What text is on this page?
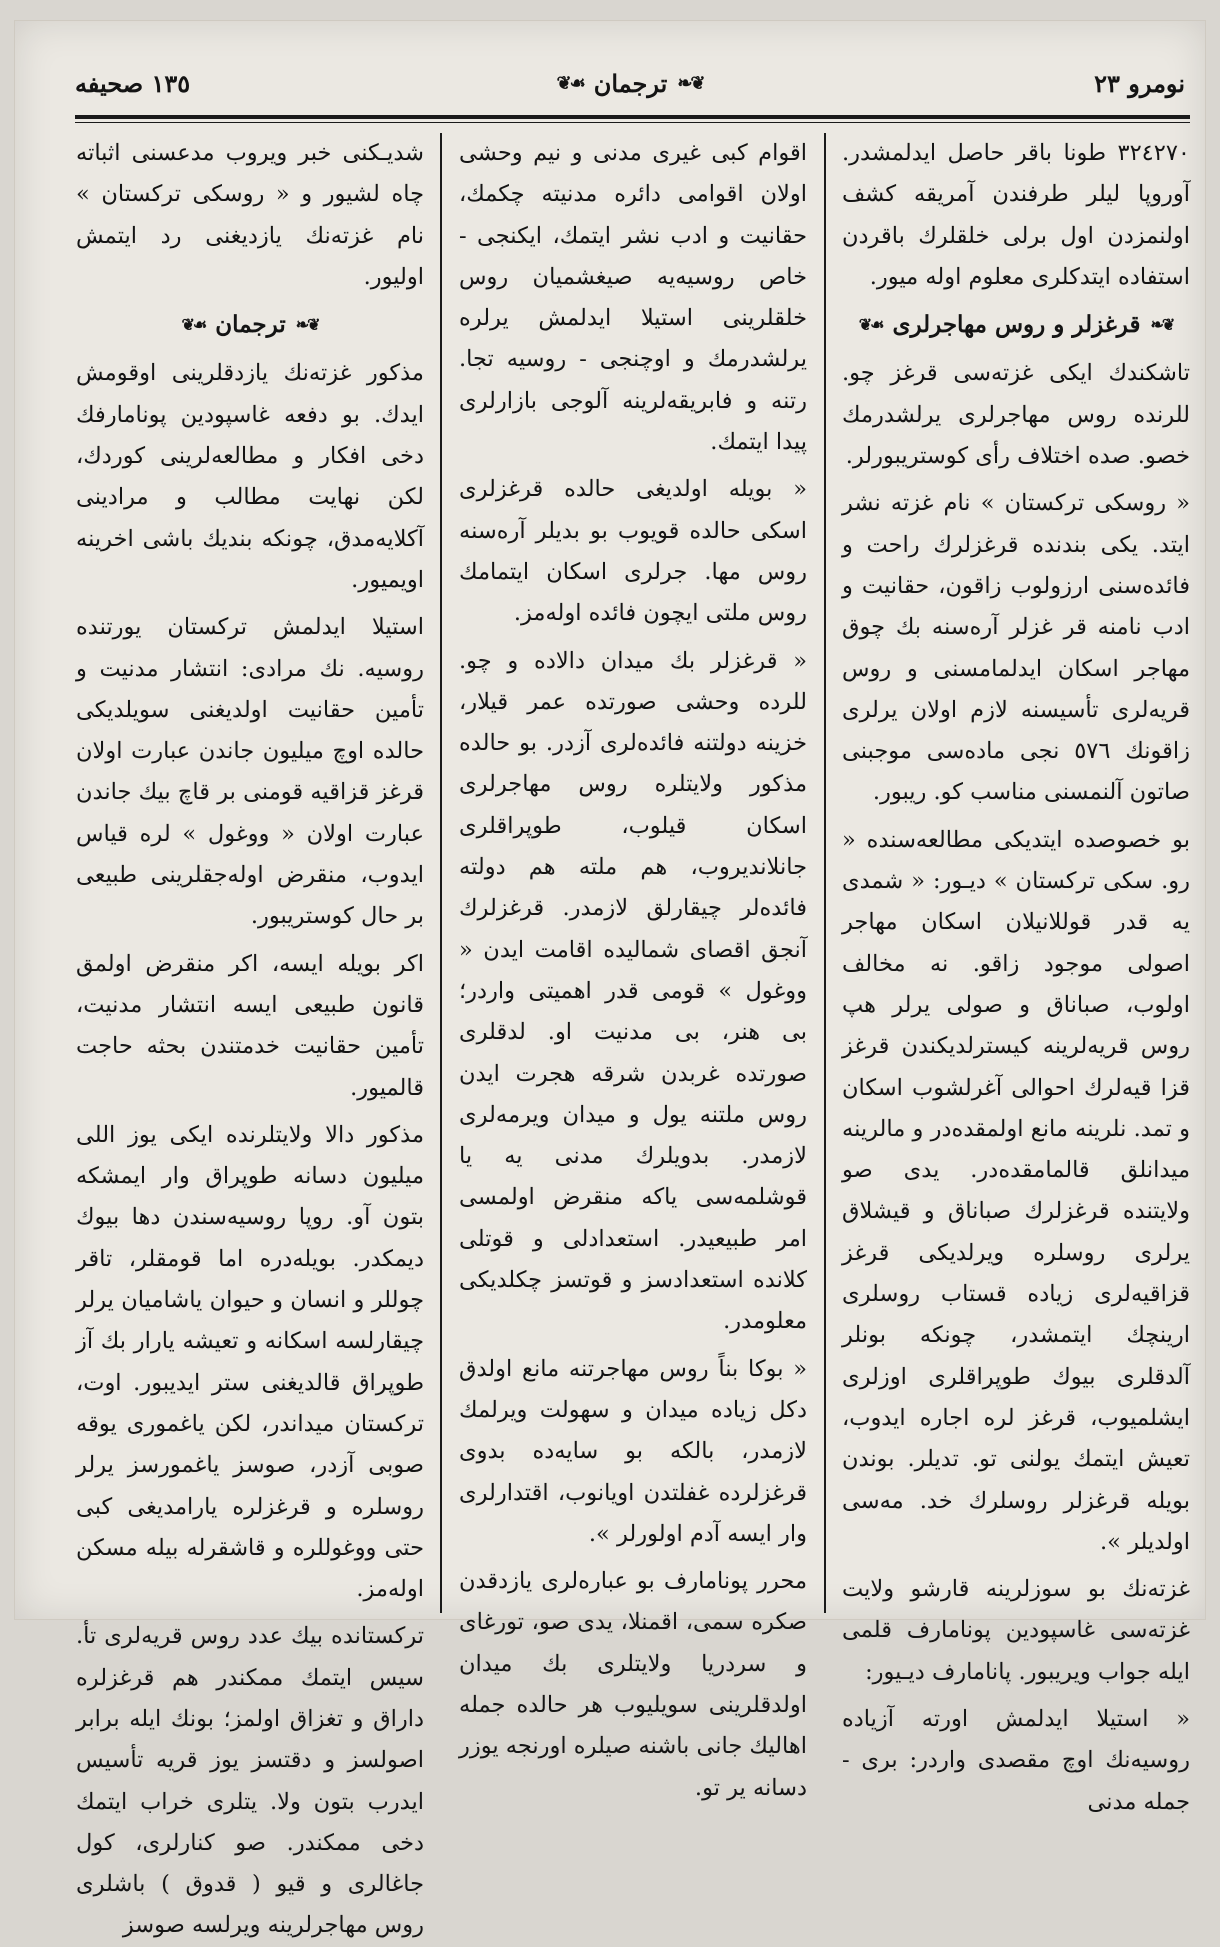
نومرو ٢٣
❦❧
ترجمان
☙❦
١٣٥ صحيفه
٣٢٤٢٧٠ طونا باقر حاصل ايدلمشدر. آوروپا ليلر طرفندن آمريقه كشف اولنمزدن اول برلى خلقلرك باقردن استفاده ايتدكلرى معلوم اوله ميور.
❦❧
قرغزلر و روس مهاجرلرى
☙❦
تاشكندك ايكى غزته‌سى قرغز چو. للرنده روس مهاجرلرى يرلشدرمك خصو. صده اختلاف رأى كوستريبورلر.
« روسكى تركستان » نام غزته نشر ايتد. يكى بندنده قرغزلرك راحت و فائده‌سنى ارزولوب زاقون، حقانيت و ادب نامنه قر غزلر آره‌سنه بك چوق مهاجر اسكان ايدلمامسنى و روس قريه‌لرى تأسيسنه لازم اولان يرلرى زاقونك ٥٧٦ نجى ماده‌سى موجبنى صاتون آلنمسنى مناسب كو. ريبور.
بو خصوصده ايتديكى مطالعه‌سنده « رو. سكى تركستان » ديـور: « شمدى يه قدر قوللانيلان اسكان مهاجر اصولى موجود زاقو. نه مخالف اولوب، صباناق و صولى يرلر هپ روس قريه‌لرينه كيسترلديكندن قرغز قزا قيه‌لرك احوالى آغرلشوب اسكان و تمد. نلرينه مانع اولمقده‌در و مالرينه ميدانلق قالمامقده‌در. يدى صو ولايتنده قرغزلرك صباناق و قيشلاق يرلرى روسلره ويرلديكى قرغز قزاقيه‌لرى زياده قستاب روسلرى ارينچك ايتمشدر، چونكه بونلر آلدقلرى بيوك طوپراقلرى اوزلرى ايشلميوب، قرغز لره اجاره ايدوب، تعيش ايتمك يولنى تو. تديلر. بوندن بويله قرغزلر روسلرك خد. مه‌سى اولديلر ».
غزته‌نك بو سوزلرينه قارشو ولايت غزته‌سى غاسپودين پونامارف قلمى ايله جواب ويريبور. پانامارف ديـيور:
« استيلا ايدلمش اورته آزياده روسيه‌نك اوچ مقصدى واردر: برى - جمله مدنى
اقوام كبى غيرى مدنى و نيم وحشى اولان اقوامى دائره مدنيته چكمك، حقانيت و ادب نشر ايتمك، ايكنجى - خاص روسيه‌يه صيغشميان روس خلقلرينى استيلا ايدلمش يرلره يرلشدرمك و اوچنجى - روسيه تجا. رتنه و فابريقه‌لرينه آلوجى بازارلرى پيدا ايتمك.
« بويله اولديغى حالده قرغزلرى اسكى حالده قويوب بو بديلر آره‌سنه روس مها. جرلرى اسكان ايتمامك روس ملتى ايچون فائده اوله‌مز.
« قرغزلر بك ميدان دالاده و چو. للرده وحشى صورتده عمر قيلار، خزينه دولتنه فائده‌لرى آزدر. بو حالده مذكور ولايتلره روس مهاجرلرى اسكان قيلوب، طوپراقلرى جانلانديروب، هم ملته هم دولته فائده‌لر چيقارلق لازمدر. قرغزلرك آنجق اقصاى شماليده اقامت ايدن « ووغول » قومى قدر اهميتى واردر؛ بى هنر، بى مدنيت او. لدقلرى صورتده غربدن شرقه هجرت ايدن روس ملتنه يول و ميدان ويرمه‌لرى لازمدر. بدويلرك مدنى يه يا قوشلمه‌سى ياكه منقرض اولمسى امر طبيعيدر. استعدادلى و قوتلى كلانده استعدادسز و قوتسز چكلديكى معلومدر.
« بوكا بناً روس مهاجرتنه مانع اولدق دكل زياده ميدان و سهولت ويرلمك لازمدر، بالكه بو سايه‌ده بدوى قرغزلرده غفلتدن اويانوب، اقتدارلرى وار ايسه آدم اولورلر ».
محرر پونامارف بو عباره‌لرى يازدقدن صكره سمى، اقمنلا، يدى صو، تورغاى و سردريا ولايتلرى بك ميدان اولدقلرينى سويليوب هر حالده جمله اهاليك جانى باشنه صيلره اورنجه يوزر دسانه ير تو.
شديـكنى خبر ويروب مدعسنى اثباته چاه لشيور و « روسكى تركستان » نام غزته‌نك يازديغنى رد ايتمش اوليور.
❦❧
ترجمان
☙❦
مذكور غزته‌نك يازدقلرينى اوقومش ايدك. بو دفعه غاسپودين پونامارفك دخى افكار و مطالعه‌لرينى كوردك، لكن نهايت مطالب و مرادينى آكلايه‌مدق، چونكه بنديك باشى اخرينه اويميور.
استيلا ايدلمش تركستان يورتنده روسيه. نك مرادى: انتشار مدنيت و تأمين حقانيت اولديغنى سويلديكى حالده اوچ ميليون جاندن عبارت اولان قرغز قزاقيه قومنى بر قاچ بيك جاندن عبارت اولان « ووغول » لره قياس ايدوب، منقرض اوله‌جقلرينى طبيعى بر حال كوستريبور.
اكر بويله ايسه، اكر منقرض اولمق قانون طبيعى ايسه انتشار مدنيت، تأمين حقانيت خدمتندن بحثه حاجت قالميور.
مذكور دالا ولايتلرنده ايكى يوز اللى ميليون دسانه طوپراق وار ايمشكه بتون آو. روپا روسيه‌سندن دها بيوك ديمكدر. بويله‌دره اما قومقلر، تاقر چوللر و انسان و حيوان ياشاميان يرلر چيقارلسه اسكانه و تعيشه يارار بك آز طوپراق قالديغنى ستر ايديبور. اوت، تركستان ميداندر، لكن ياغمورى يوقه صوبى آزدر، صوسز ياغمورسز يرلر روسلره و قرغزلره يارامديغى كبى حتى ووغوللره و قاشقرله بيله مسكن اوله‌مز.
تركستانده بيك عدد روس قريه‌لرى تأ. سيس ايتمك ممكندر هم قرغزلره داراق و تغزاق اولمز؛ بونك ايله برابر اصولسز و دقتسز يوز قريه تأسيس ايدرب بتون ولا. يتلرى خراب ايتمك دخى ممكندر. صو كنارلرى، كول جاغالرى و قيو ( قدوق ) باشلرى روس مهاجرلرينه ويرلسه صوسز
